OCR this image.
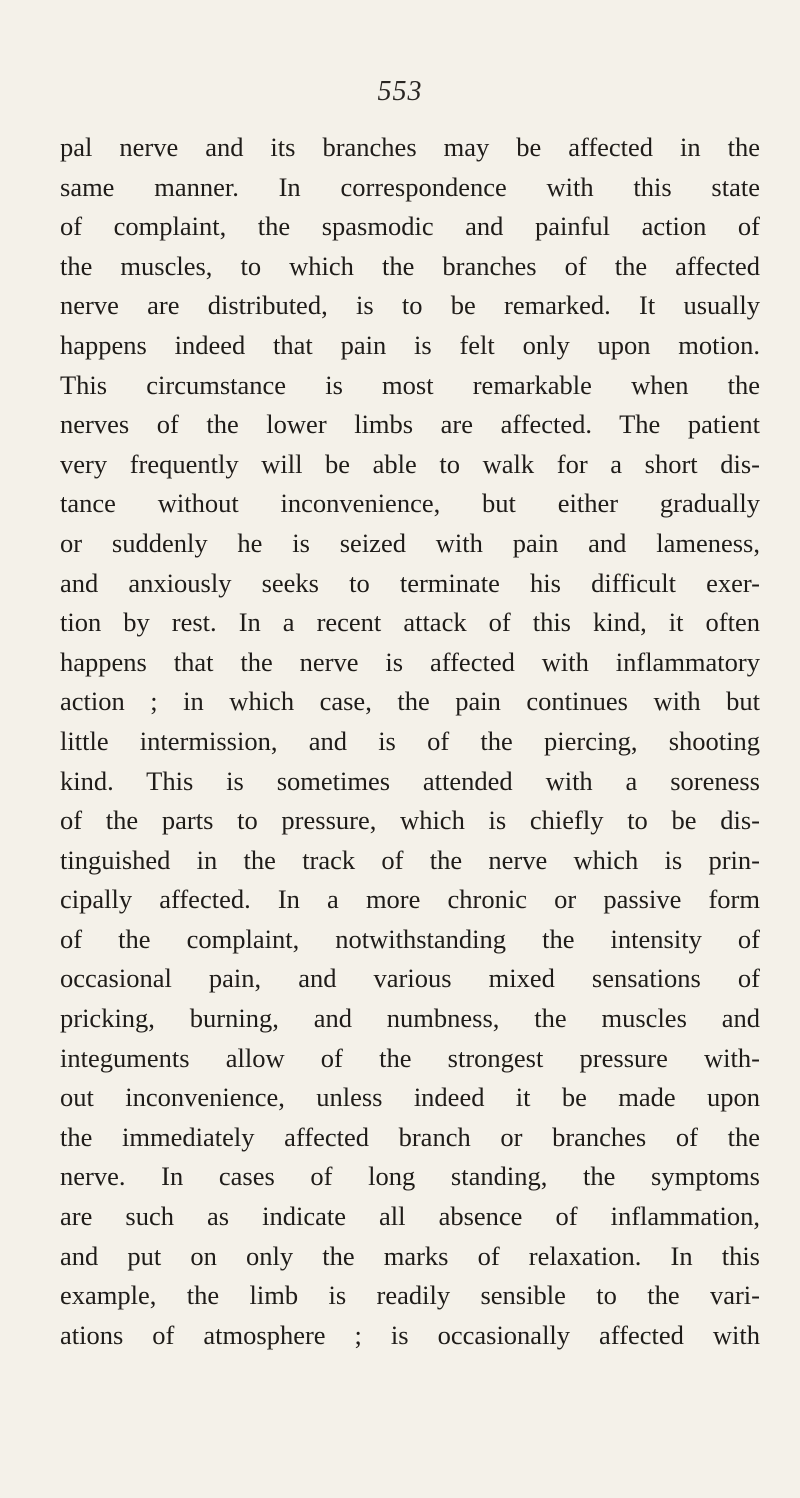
553
pal nerve and its branches may be affected in the
same manner. In correspondence with this state
of complaint, the spasmodic and painful action of
the muscles, to which the branches of the affected
nerve are distributed, is to be remarked. It usually
happens indeed that pain is felt only upon motion.
This circumstance is most remarkable when the
nerves of the lower limbs are affected. The patient
very frequently will be able to walk for a short dis-
tance without inconvenience, but either gradually
or suddenly he is seized with pain and lameness,
and anxiously seeks to terminate his difficult exer-
tion by rest. In a recent attack of this kind, it often
happens that the nerve is affected with inflammatory
action ; in which case, the pain continues with but
little intermission, and is of the piercing, shooting
kind. This is sometimes attended with a soreness
of the parts to pressure, which is chiefly to be dis-
tinguished in the track of the nerve which is prin-
cipally affected. In a more chronic or passive form
of the complaint, notwithstanding the intensity of
occasional pain, and various mixed sensations of
pricking, burning, and numbness, the muscles and
integuments allow of the strongest pressure with-
out inconvenience, unless indeed it be made upon
the immediately affected branch or branches of the
nerve. In cases of long standing, the symptoms
are such as indicate all absence of inflammation,
and put on only the marks of relaxation. In this
example, the limb is readily sensible to the vari-
ations of atmosphere ; is occasionally affected with
